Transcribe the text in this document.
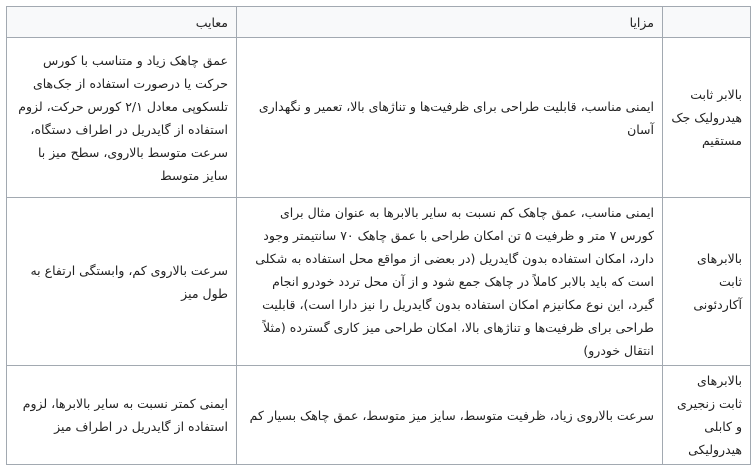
	مزایا	معایب
بالابر ثابت هیدرولیک جک مستقیم	ایمنی مناسب، قابلیت طراحی برای ظرفیت‌ها و تناژهای بالا، تعمیر و نگهداری آسان	عمق چاهک زیاد و متناسب با کورس حرکت یا درصورت استفاده از جک‌های تلسکوپی معادل ۲/۱ کورس حرکت، لزوم استفاده از گایدریل در اطراف دستگاه، سرعت متوسط بالاروی، سطح میز با سایز متوسط
بالابرهای ثابت آکاردئونی	ایمنی مناسب، عمق چاهک کم نسبت به سایر بالابرها به عنوان مثال برای کورس ۷ متر و ظرفیت ۵ تن امکان طراحی با عمق چاهک ۷۰ سانتیمتر وجود دارد، امکان استفاده بدون گایدریل (در بعضی از مواقع محل استفاده به شکلی است که باید بالابر کاملاً در چاهک جمع شود و از آن محل تردد خودرو انجام گیرد، این نوع مکانیزم امکان استفاده بدون گایدریل را نیز دارا است)، قابلیت طراحی برای ظرفیت‌ها و تناژهای بالا، امکان طراحی میز کاری گسترده (مثلاً انتقال خودرو)	سرعت بالاروی کم، وابستگی ارتفاع به طول میز
بالابرهای ثابت زنجیری و کابلی هیدرولیکی	سرعت بالاروی زیاد، ظرفیت متوسط، سایز میز متوسط، عمق چاهک بسیار کم	ایمنی کمتر نسبت به سایر بالابرها، لزوم استفاده از گایدریل در اطراف میز
